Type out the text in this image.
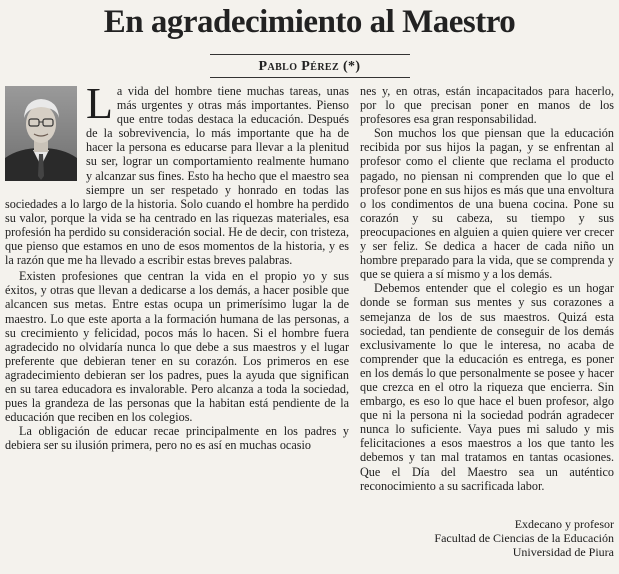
En agradecimiento al Maestro
Pablo Pérez (*)

La vida del hombre tiene muchas tareas, unas más urgentes y otras más importantes. Pienso que entre todas destaca la educación. Después de la sobrevivencia, lo más importante que ha de hacer la persona es educarse para llevar a la plenitud su ser, lograr un comportamiento realmente humano y alcanzar sus fines. Esto ha hecho que el maestro sea siempre un ser respetado y honrado en todas las sociedades a lo largo de la historia. Solo cuando el hombre ha perdido su valor, porque la vida se ha centrado en las riquezas materiales, esa profesión ha perdido su consideración social. He de decir, con tristeza, que pienso que estamos en uno de esos momentos de la historia, y es la razón que me ha llevado a escribir estas breves palabras.

Existen profesiones que centran la vida en el propio yo y sus éxitos, y otras que llevan a dedicarse a los demás, a hacer posible que alcancen sus metas. Entre estas ocupa un primerísimo lugar la de maestro. Lo que este aporta a la formación humana de las personas, a su crecimiento y felicidad, pocos más lo hacen. Si el hombre fuera agradecido no olvidaría nunca lo que debe a sus maestros y el lugar preferente que debieran tener en su corazón. Los primeros en ese agradecimiento debieran ser los padres, pues la ayuda que significan en su tarea educadora es invalorable. Pero alcanza a toda la sociedad, pues la grandeza de las personas que la habitan está pendiente de la educación que reciben en los colegios.

La obligación de educar recae principalmente en los padres y debiera ser su ilusión primera, pero no es así en muchas ocasio

nes y, en otras, están incapacitados para hacerlo, por lo que precisan poner en manos de los profesores esa gran responsabilidad.

Son muchos los que piensan que la educación recibida por sus hijos la pagan, y se enfrentan al profesor como el cliente que reclama el producto pagado, no piensan ni comprenden que lo que el profesor pone en sus hijos es más que una envoltura o los condimentos de una buena cocina. Pone su corazón y su cabeza, su tiempo y sus preocupaciones en alguien a quien quiere ver crecer y ser feliz. Se dedica a hacer de cada niño un hombre preparado para la vida, que se comprenda y que se quiera a sí mismo y a los demás.

Debemos entender que el colegio es un hogar donde se forman sus mentes y sus corazones a semejanza de los de sus maestros. Quizá esta sociedad, tan pendiente de conseguir de los demás exclusivamente lo que le interesa, no acaba de comprender que la educación es entrega, es poner en los demás lo que personalmente se posee y hacer que crezca en el otro la riqueza que encierra. Sin embargo, es eso lo que hace el buen profesor, algo que ni la persona ni la sociedad podrán agradecer nunca lo suficiente. Vaya pues mi saludo y mis felicitaciones a esos maestros a los que tanto les debemos y tan mal tratamos en tantas ocasiones. Que el Día del Maestro sea un auténtico reconocimiento a su sacrificada labor.

Exdecano y profesor
Facultad de Ciencias de la Educación
Universidad de Piura
